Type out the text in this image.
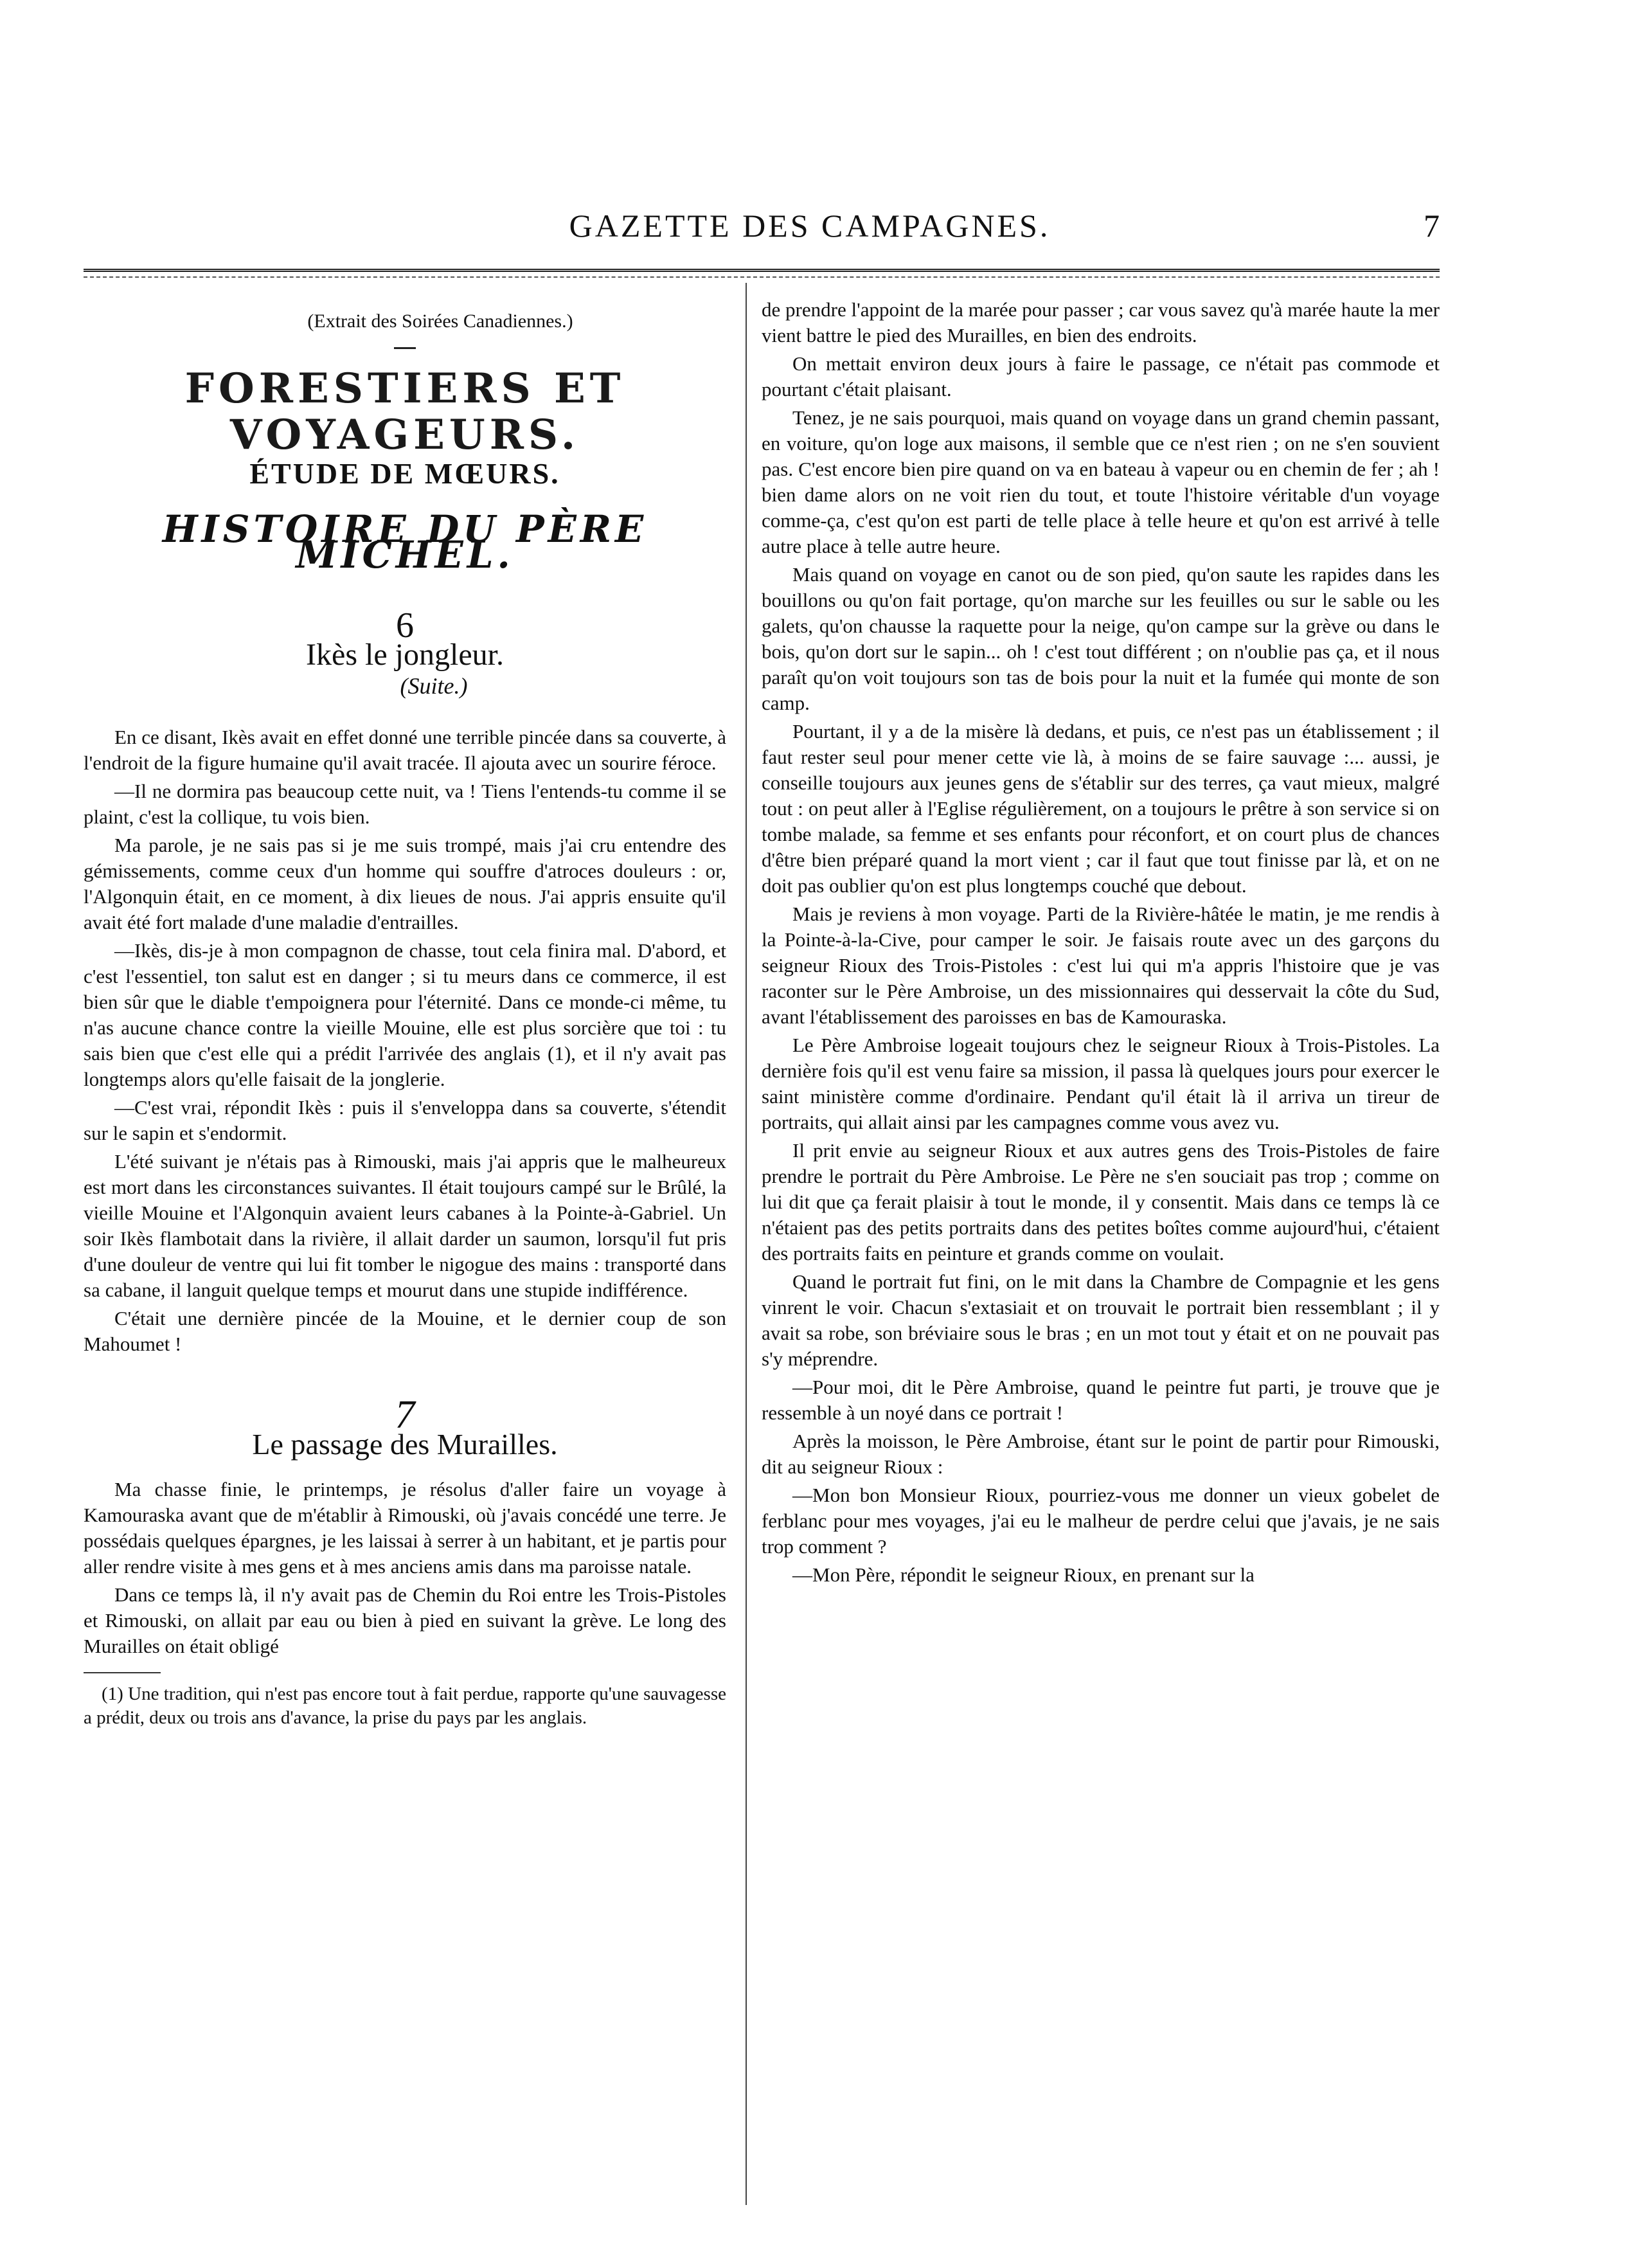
GAZETTE DES CAMPAGNES.	7

(Extrait des Soirées Canadiennes.)

FORESTIERS ET VOYAGEURS.
ÉTUDE DE MŒURS.
HISTOIRE DU PÈRE MICHEL.
6
Ikès le jongleur.
(Suite.)

En ce disant, Ikès avait en effet donné une terrible pincée dans sa couverte, à l'endroit de la figure humaine qu'il avait tracée. Il ajouta avec un sourire féroce.

—Il ne dormira pas beaucoup cette nuit, va ! Tiens l'entends-tu comme il se plaint, c'est la collique, tu vois bien.

Ma parole, je ne sais pas si je me suis trompé, mais j'ai cru entendre des gémissements, comme ceux d'un homme qui souffre d'atroces douleurs : or, l'Algonquin était, en ce moment, à dix lieues de nous. J'ai appris ensuite qu'il avait été fort malade d'une maladie d'entrailles.

—Ikès, dis-je à mon compagnon de chasse, tout cela finira mal. D'abord, et c'est l'essentiel, ton salut est en danger ; si tu meurs dans ce commerce, il est bien sûr que le diable t'empoignera pour l'éternité. Dans ce monde-ci même, tu n'as aucune chance contre la vieille Mouine, elle est plus sorcière que toi : tu sais bien que c'est elle qui a prédit l'arrivée des anglais (1), et il n'y avait pas longtemps alors qu'elle faisait de la jonglerie.

—C'est vrai, répondit Ikès : puis il s'enveloppa dans sa couverte, s'étendit sur le sapin et s'endormit.

L'été suivant je n'étais pas à Rimouski, mais j'ai appris que le malheureux est mort dans les circonstances suivantes. Il était toujours campé sur le Brûlé, la vieille Mouine et l'Algonquin avaient leurs cabanes à la Pointe-à-Gabriel. Un soir Ikès flambotait dans la rivière, il allait darder un saumon, lorsqu'il fut pris d'une douleur de ventre qui lui fit tomber le nigogue des mains : transporté dans sa cabane, il languit quelque temps et mourut dans une stupide indifférence.

C'était une dernière pincée de la Mouine, et le dernier coup de son Mahoumet !

7
Le passage des Murailles.

Ma chasse finie, le printemps, je résolus d'aller faire un voyage à Kamouraska avant que de m'établir à Rimouski, où j'avais concédé une terre. Je possédais quelques épargnes, je les laissai à serrer à un habitant, et je partis pour aller rendre visite à mes gens et à mes anciens amis dans ma paroisse natale.

Dans ce temps là, il n'y avait pas de Chemin du Roi entre les Trois-Pistoles et Rimouski, on allait par eau ou bien à pied en suivant la grève. Le long des Murailles on était obligé

(1) Une tradition, qui n'est pas encore tout à fait perdue, rapporte qu'une sauvagesse a prédit, deux ou trois ans d'avance, la prise du pays par les anglais.

de prendre l'appoint de la marée pour passer ; car vous savez qu'à marée haute la mer vient battre le pied des Murailles, en bien des endroits.

On mettait environ deux jours à faire le passage, ce n'était pas commode et pourtant c'était plaisant.

Tenez, je ne sais pourquoi, mais quand on voyage dans un grand chemin passant, en voiture, qu'on loge aux maisons, il semble que ce n'est rien ; on ne s'en souvient pas. C'est encore bien pire quand on va en bateau à vapeur ou en chemin de fer ; ah ! bien dame alors on ne voit rien du tout, et toute l'histoire véritable d'un voyage comme-ça, c'est qu'on est parti de telle place à telle heure et qu'on est arrivé à telle autre place à telle autre heure.

Mais quand on voyage en canot ou de son pied, qu'on saute les rapides dans les bouillons ou qu'on fait portage, qu'on marche sur les feuilles ou sur le sable ou les galets, qu'on chausse la raquette pour la neige, qu'on campe sur la grève ou dans le bois, qu'on dort sur le sapin... oh ! c'est tout différent ; on n'oublie pas ça, et il nous paraît qu'on voit toujours son tas de bois pour la nuit et la fumée qui monte de son camp.

Pourtant, il y a de la misère là dedans, et puis, ce n'est pas un établissement ; il faut rester seul pour mener cette vie là, à moins de se faire sauvage :... aussi, je conseille toujours aux jeunes gens de s'établir sur des terres, ça vaut mieux, malgré tout : on peut aller à l'Eglise régulièrement, on a toujours le prêtre à son service si on tombe malade, sa femme et ses enfants pour réconfort, et on court plus de chances d'être bien préparé quand la mort vient ; car il faut que tout finisse par là, et on ne doit pas oublier qu'on est plus longtemps couché que debout.

Mais je reviens à mon voyage. Parti de la Rivière-hâtée le matin, je me rendis à la Pointe-à-la-Cive, pour camper le soir. Je faisais route avec un des garçons du seigneur Rioux des Trois-Pistoles : c'est lui qui m'a appris l'histoire que je vas raconter sur le Père Ambroise, un des missionnaires qui desservait la côte du Sud, avant l'établissement des paroisses en bas de Kamouraska.

Le Père Ambroise logeait toujours chez le seigneur Rioux à Trois-Pistoles. La dernière fois qu'il est venu faire sa mission, il passa là quelques jours pour exercer le saint ministère comme d'ordinaire. Pendant qu'il était là il arriva un tireur de portraits, qui allait ainsi par les campagnes comme vous avez vu.

Il prit envie au seigneur Rioux et aux autres gens des Trois-Pistoles de faire prendre le portrait du Père Ambroise. Le Père ne s'en souciait pas trop ; comme on lui dit que ça ferait plaisir à tout le monde, il y consentit. Mais dans ce temps là ce n'étaient pas des petits portraits dans des petites boîtes comme aujourd'hui, c'étaient des portraits faits en peinture et grands comme on voulait.

Quand le portrait fut fini, on le mit dans la Chambre de Compagnie et les gens vinrent le voir. Chacun s'extasiait et on trouvait le portrait bien ressemblant ; il y avait sa robe, son bréviaire sous le bras ; en un mot tout y était et on ne pouvait pas s'y méprendre.

—Pour moi, dit le Père Ambroise, quand le peintre fut parti, je trouve que je ressemble à un noyé dans ce portrait !

Après la moisson, le Père Ambroise, étant sur le point de partir pour Rimouski, dit au seigneur Rioux :

—Mon bon Monsieur Rioux, pourriez-vous me donner un vieux gobelet de ferblanc pour mes voyages, j'ai eu le malheur de perdre celui que j'avais, je ne sais trop comment ?

—Mon Père, répondit le seigneur Rioux, en prenant sur la
